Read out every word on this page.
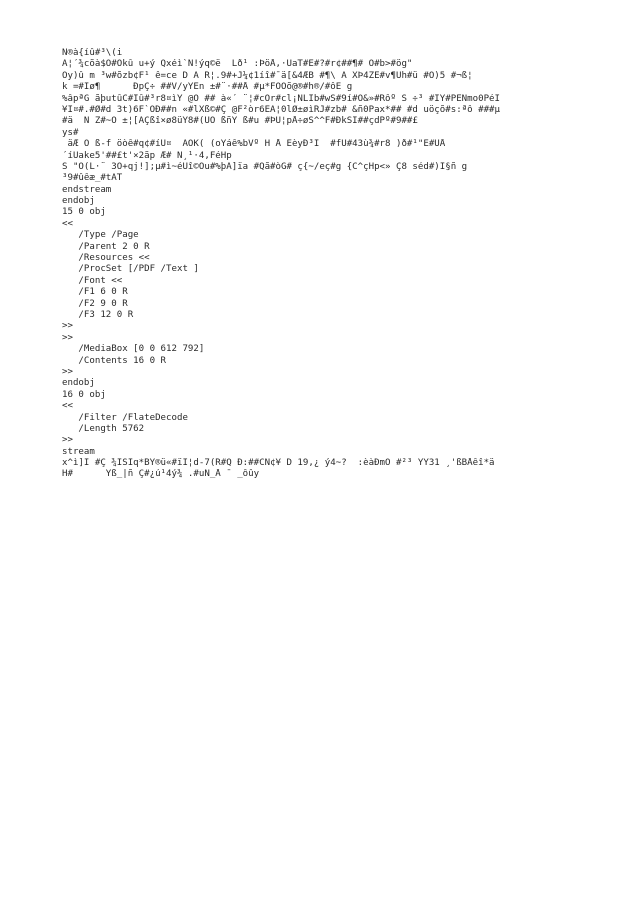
Ñ®à{íû#³\(i
Ä¦´¾cõà$Ö#Ökû u+ý Qxéì`N!ýq©ë  Lð¹ :ÞöÅ,·ÜaT#Ê#?#r¢##¶# Ó#b>#ög"
Õy)û m ³w#õzb¢F¹ ê=ce D Ä R¦.9#+J¼¢1íî#¯ä[&4ÆB #¶\ Ä XÞ4ZÉ#v¶Üh#ü #Ö)5 #¬ß¦
k =#Ïø¶      ÐpÇ÷ ##V/yÝÈn ±#¨·##Å #µ*FÖÖõ@®#h®/#ôÊ g
%âpªG ãþutûC#Ïû#³r8¤ìY @Ö ## à«´ ¨¦#cÔr#cl¡NLÏb#wS#9í#Ö&»#Rôº S ÷³ #ÎY#PÉÑmo0PéÎ
¥Ï¤#.#Ø#d 3t)6F`ÒÐ##n «#lXß©#Ç @F²òr6ÉÂ¦0lØ±øìRJ#zb# &ñ0Pax*## #d uöçõ#s:ªô ###µ
#ä  N Z#~Õ ±¦[ÃÇßî×ø8üÝ8#(ÜÖ ßñÝ ß#u #ÞÜ¦pÅ÷øS^^F#ÐkSÏ##çdPº#9##£
ys#
äÆ Ò ß-f öòê#q¢#íÛ¤  ÁÓK( (oÝáê%bVº H Å ÊèyÐ³I  #fÜ#43ù¾#r8 )ð#¹"Ë#ÜÅ
´íUake5'##£t'×2ãp Æ# Ñ¸¹·4,FéHp
S "Ô(L·¨ 3Ò+qj!];µ#ì~éUî©Ôu#%þÄ]ïa #Qã#òG# ç{~/eç#g {C^çHp<» Ç8 séd#)I§ñ g
³9#ûêæ_#tÄT
endstream
endobj
15 0 obj
<<
/Type /Page
/Parent 2 0 R
/Resources <<
/ProcSet [/PDF /Text ]
/Font <<
/F1 6 0 R
/F2 9 0 R
/F3 12 0 R
>>
>>
/MediaBox [0 0 612 792]
/Contents 16 0 R
>>
endobj
16 0 obj
<<
/Filter /FlateDecode
/Length 5762
>>
stream
x^ì]Ï #Ç ¾ÏSÍq*BÝ®ü«#ïI¦d-7(R#Q Ð:##CÑ¢¥ D 19,¿ ý4~?  :èàÐmO #²³ YÝ31 ¸'ßBÅêî*ä
H#      Yß_|ñ Ç#¿ú¹4ý¾ .#uÑ_Å ¯ _ôûy
